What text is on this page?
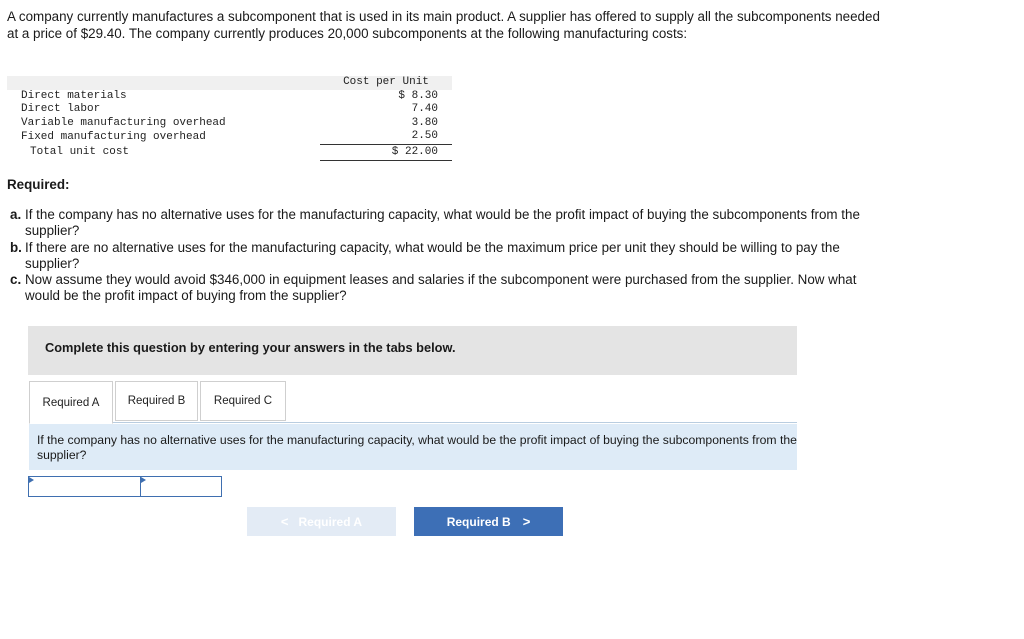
A company currently manufactures a subcomponent that is used in its main product. A supplier has offered to supply all the subcomponents needed at a price of $29.40. The company currently produces 20,000 subcomponents at the following manufacturing costs:

		Cost per Unit
Direct materials		$ 8.30
Direct labor		7.40
Variable manufacturing overhead		3.80
Fixed manufacturing overhead		2.50
Total unit cost		$ 22.00

Required:

a. If the company has no alternative uses for the manufacturing capacity, what would be the profit impact of buying the subcomponents from the supplier?
b. If there are no alternative uses for the manufacturing capacity, what would be the maximum price per unit they should be willing to pay the supplier?
c. Now assume they would avoid $346,000 in equipment leases and salaries if the subcomponent were purchased from the supplier. Now what would be the profit impact of buying from the supplier?
Complete this question by entering your answers in the tabs below.
Required A	Required B	Required C
If the company has no alternative uses for the manufacturing capacity, what would be the profit impact of buying the subcomponents from the supplier?
< Required A	Required B >
